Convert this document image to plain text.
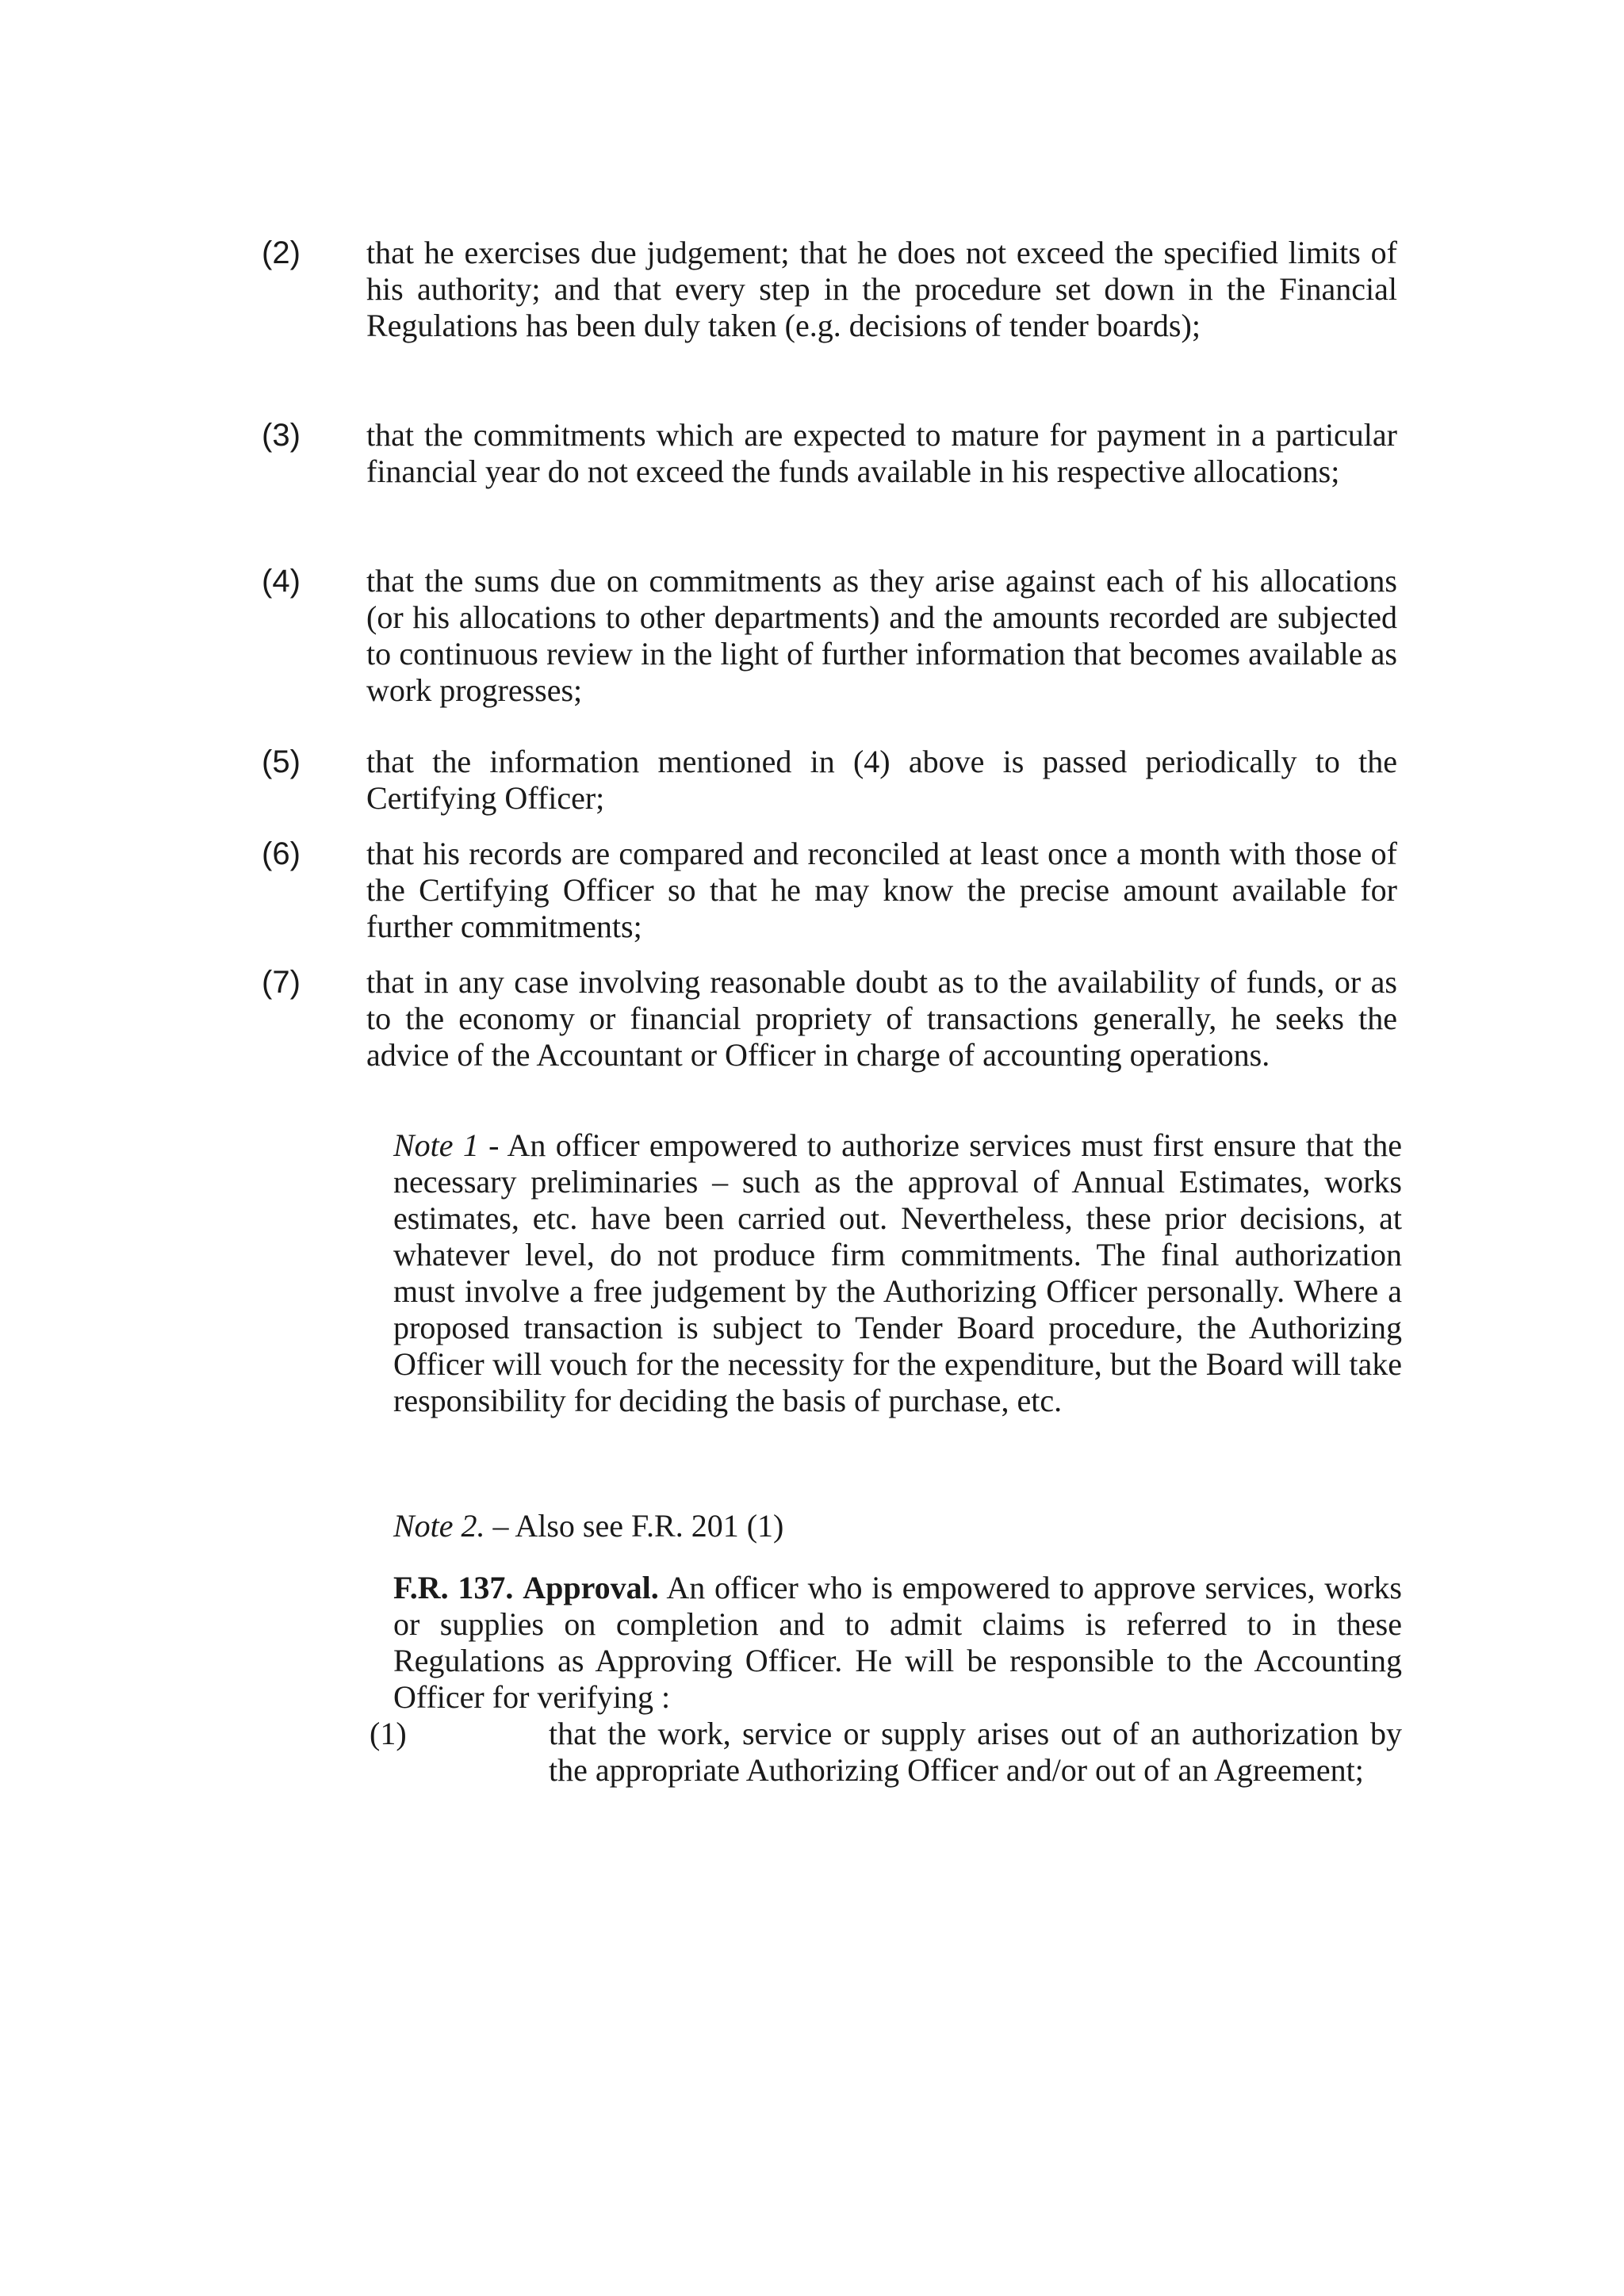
(2) that he exercises due judgement; that he does not exceed the specified limits of his authority; and that every step in the procedure set down in the Financial Regulations has been duly taken (e.g. decisions of tender boards);
(3) that the commitments which are expected to mature for payment in a particular financial year do not exceed the funds available in his respective allocations;
(4) that the sums due on commitments as they arise against each of his allocations (or his allocations to other departments) and the amounts recorded are subjected to continuous review in the light of further information that becomes available as work progresses;
(5) that the information mentioned in (4) above is passed periodically to the Certifying Officer;
(6) that his records are compared and reconciled at least once a month with those of the Certifying Officer so that he may know the precise amount available for further commitments;
(7) that in any case involving reasonable doubt as to the availability of funds, or as to the economy or financial propriety of transactions generally, he seeks the advice of the Accountant or Officer in charge of accounting operations.
Note 1 - An officer empowered to authorize services must first ensure that the necessary preliminaries – such as the approval of Annual Estimates, works estimates, etc. have been carried out. Nevertheless, these prior decisions, at whatever level, do not produce firm commitments. The final authorization must involve a free judgement by the Authorizing Officer personally. Where a proposed transaction is subject to Tender Board procedure, the Authorizing Officer will vouch for the necessity for the expenditure, but the Board will take responsibility for deciding the basis of purchase, etc.
Note 2. – Also see F.R. 201 (1)
F.R. 137. Approval. An officer who is empowered to approve services, works or supplies on completion and to admit claims is referred to in these Regulations as Approving Officer. He will be responsible to the Accounting Officer for verifying :
(1)	that the work, service or supply arises out of an authorization by the appropriate Authorizing Officer and/or out of an Agreement;
